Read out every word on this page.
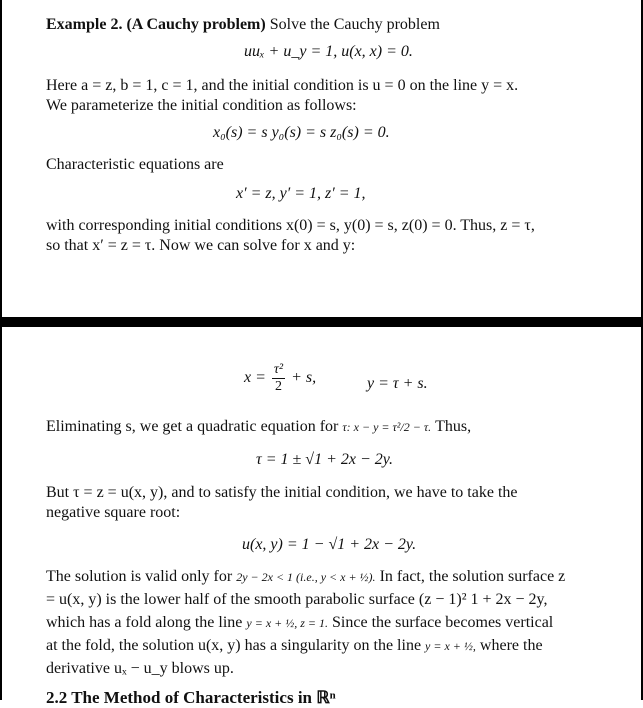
Example 2. (A Cauchy problem) Solve the Cauchy problem
uuₓ + u_y = 1, u(x, x) = 0.
Here a = z, b = 1, c = 1, and the initial condition is u = 0 on the line y = x.
We parameterize the initial condition as follows:
x₀(s) = s y₀(s) = s z₀(s) = 0.
Characteristic equations are
x′ = z, y′ = 1, z′ = 1,
with corresponding initial conditions x(0) = s, y(0) = s, z(0) = 0. Thus, z = τ,
so that x′ = z = τ. Now we can solve for x and y:
$x = \frac{\text{τ²}}{2} + s$,	y = τ + s.
Eliminating s, we get a quadratic equation for τ: x − y = τ²/2 − τ. Thus,
τ = 1 ± √1 + 2x − 2y.
But τ = z = u(x, y), and to satisfy the initial condition, we have to take the
negative square root:
u(x, y) = 1 − √1 + 2x − 2y.
The solution is valid only for 2y − 2x < 1 (i.e., y < x + ½). In fact, the solution surface z
= u(x, y) is the lower half of the smooth parabolic surface (z − 1)² 1 + 2x − 2y,
which has a fold along the line y = x + ½, z = 1. Since the surface becomes vertical
at the fold, the solution u(x, y) has a singularity on the line y = x + ½, where the
derivative uₓ − u_y blows up.
2.2 The Method of Characteristics in ℝⁿ
